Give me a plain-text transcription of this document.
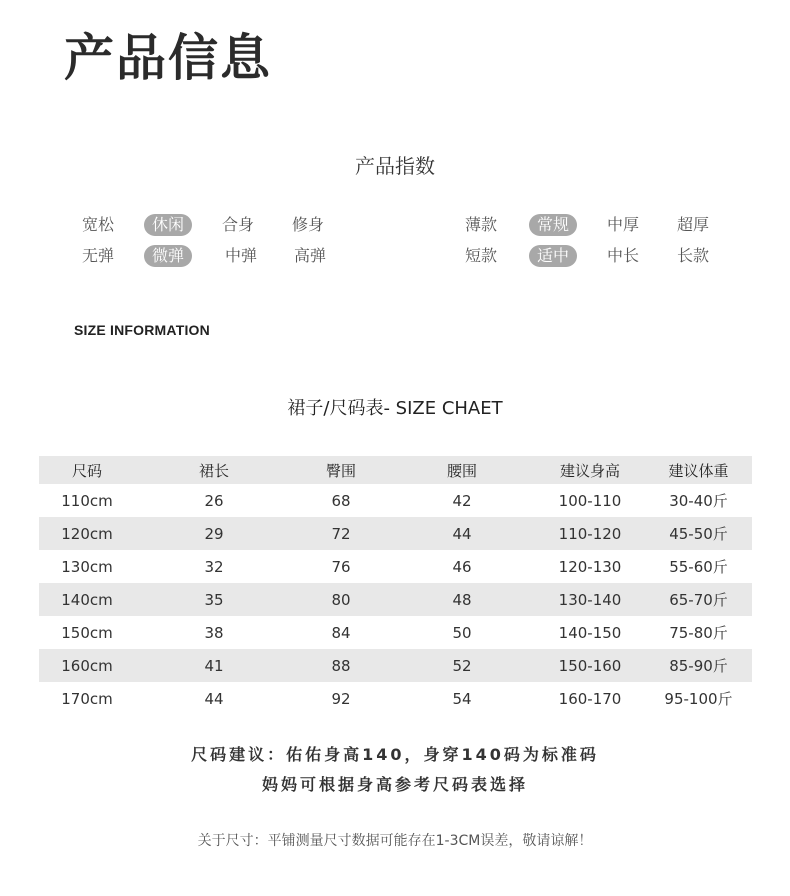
产品信息
产品指数
宽松	休闲	合身 修身	薄款	常规	中厚 超厚
无弹	微弹	中弹 高弹	短款	适中	中长 长款
SIZE INFORMATION
裙子/尺码表- SIZE CHAET
尺码	裙长	臀围	腰围	建议身高	建议体重
110cm	26	68	42	100-110	30-40斤
120cm	29	72	44	110-120	45-50斤
130cm	32	76	46	120-130	55-60斤
140cm	35	80	48	130-140	65-70斤
150cm	38	84	50	140-150	75-80斤
160cm	41	88	52	150-160	85-90斤
170cm	44	92	54	160-170	95-100斤
尺码建议：佑佑身高140，身穿140码为标准码
妈妈可根据身高参考尺码表选择
关于尺寸：平铺测量尺寸数据可能存在1-3CM误差，敬请谅解！
